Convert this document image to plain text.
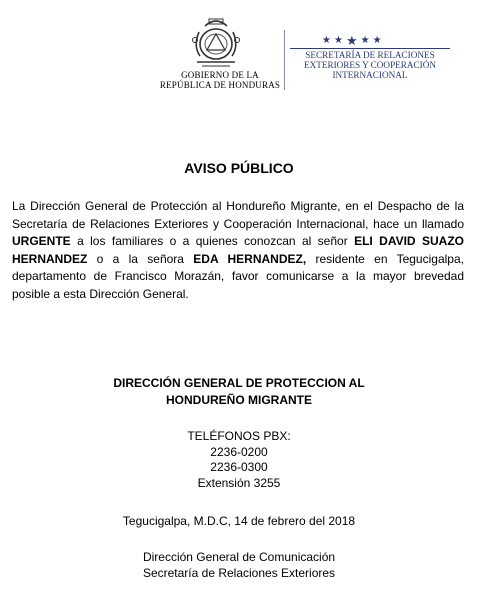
GOBIERNO DE LA
REPÚBLICA DE HONDURAS
★ ★ ★ ★ ★
SECRETARÍA DE RELACIONES
EXTERIORES Y COOPERACIÓN
INTERNACIONAL
AVISO PÚBLICO
La Dirección General de Protección al Hondureño Migrante, en el Despacho de la Secretaría de Relaciones Exteriores y Cooperación Internacional, hace un llamado URGENTE a los familiares o a quienes conozcan al señor ELI DAVID SUAZO HERNANDEZ o a la señora EDA HERNANDEZ, residente en Tegucigalpa, departamento de Francisco Morazán, favor comunicarse a la mayor brevedad posible a esta Dirección General.
DIRECCIÓN GENERAL DE PROTECCION AL
HONDUREÑO MIGRANTE
TELÉFONOS PBX:
2236-0200
2236-0300
Extensión 3255
Tegucigalpa, M.D.C, 14 de febrero del 2018
Dirección General de Comunicación
Secretaría de Relaciones Exteriores
